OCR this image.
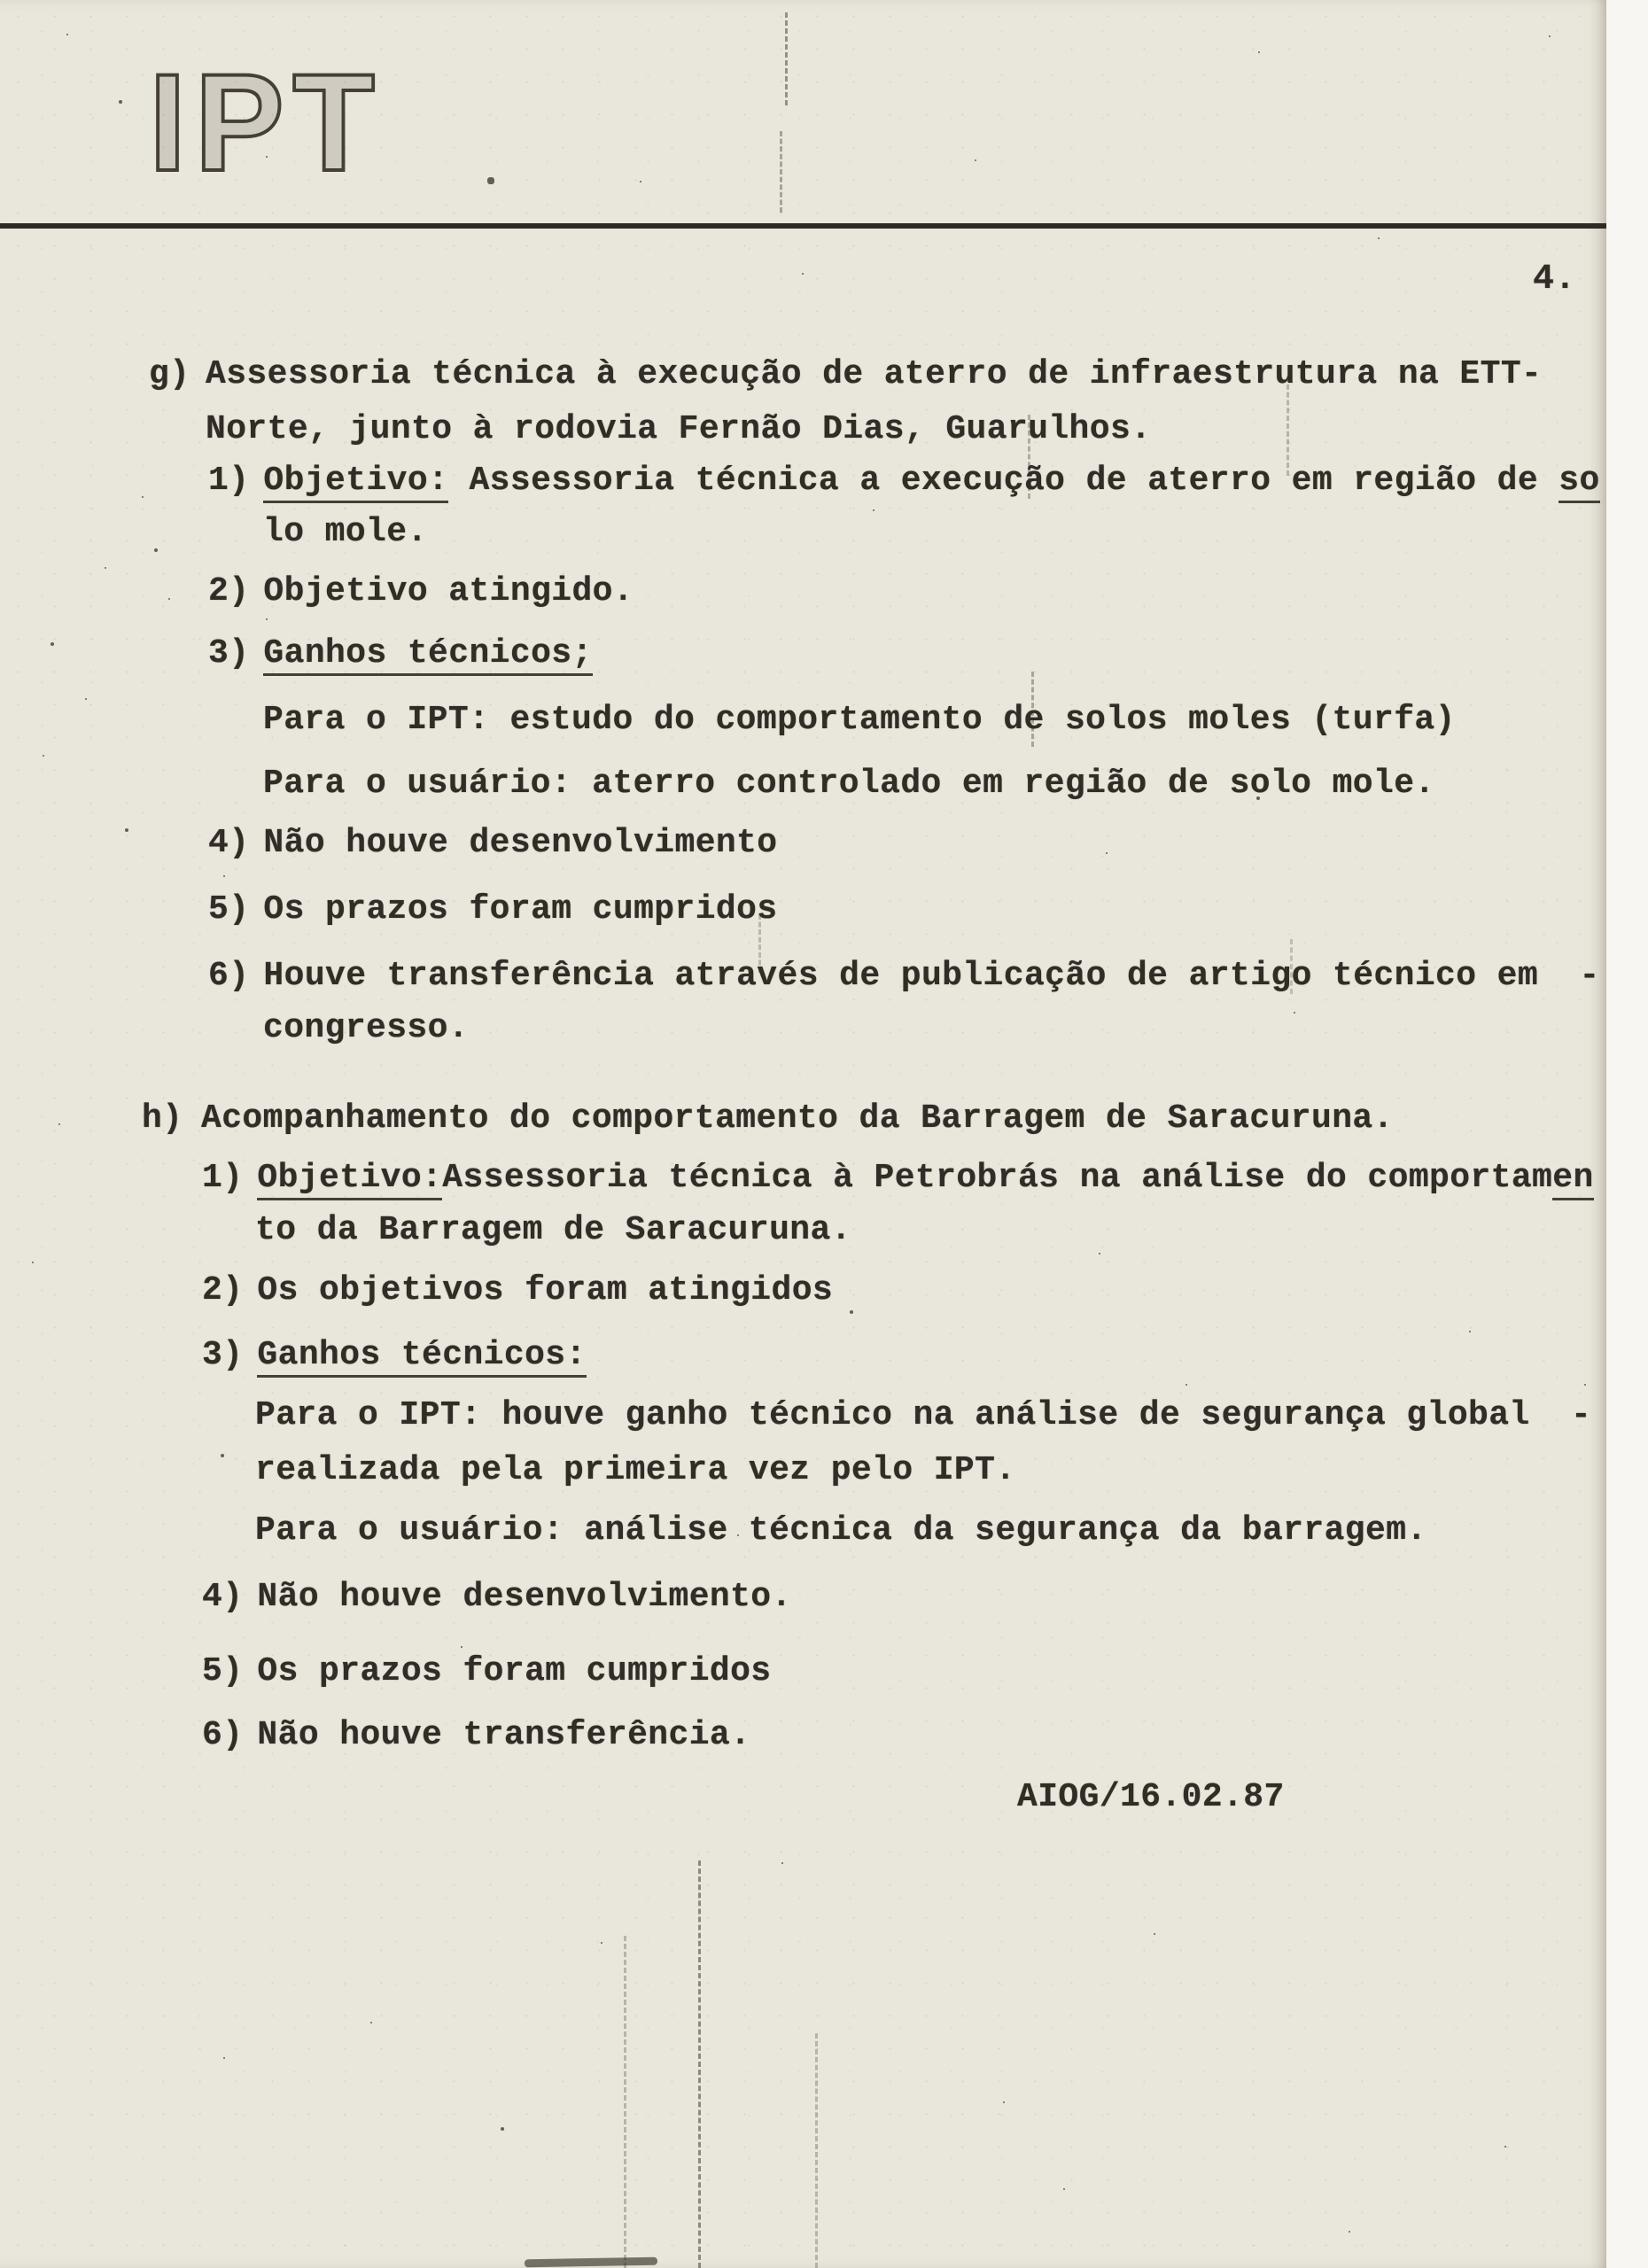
IPT
4.
g) Assessoria técnica à execução de aterro de infraestrutura na ETT-
Norte, junto à rodovia Fernão Dias, Guarulhos.
1) Objetivo: Assessoria técnica a execução de aterro em região de so
lo mole.
2) Objetivo atingido.
3) Ganhos técnicos;
Para o IPT: estudo do comportamento de solos moles (turfa)
Para o usuário: aterro controlado em região de solo mole.
4) Não houve desenvolvimento
5) Os prazos foram cumpridos
6) Houve transferência através de publicação de artigo técnico em  -
congresso.
h) Acompanhamento do comportamento da Barragem de Saracuruna.
1) Objetivo:Assessoria técnica à Petrobrás na análise do comportamen
to da Barragem de Saracuruna.
2) Os objetivos foram atingidos
3) Ganhos técnicos:
Para o IPT: houve ganho técnico na análise de segurança global  -
realizada pela primeira vez pelo IPT.
Para o usuário: análise técnica da segurança da barragem.
4) Não houve desenvolvimento.
5) Os prazos foram cumpridos
6) Não houve transferência.
AIOG/16.02.87
